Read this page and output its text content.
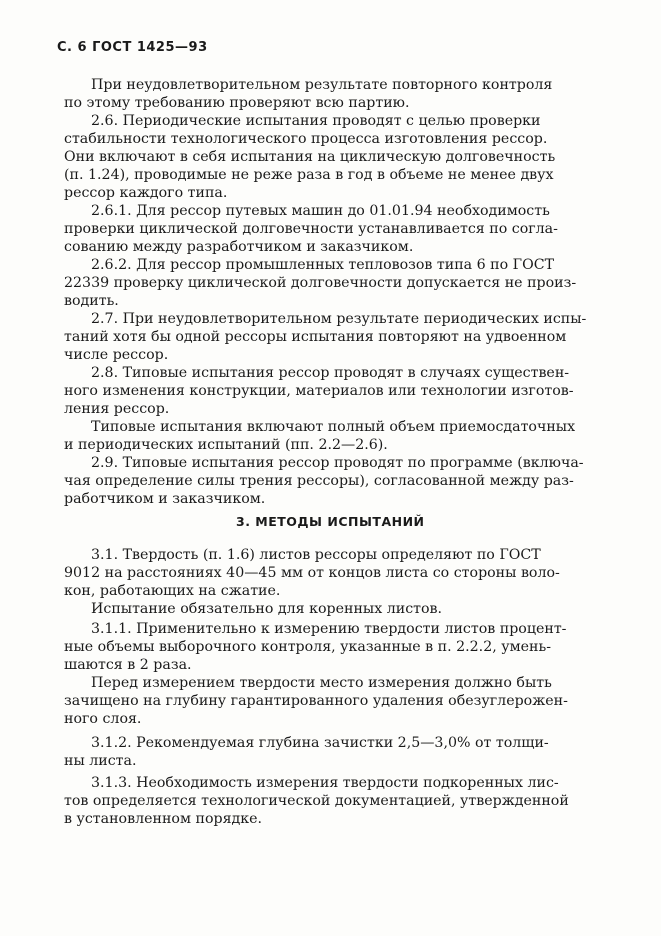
С. 6 ГОСТ 1425—93
При неудовлетворительном результате повторного контроля
по этому требованию проверяют всю партию.
2.6. Периодические испытания проводят с целью проверки
стабильности технологического процесса изготовления рессор.
Они включают в себя испытания на циклическую долговечность
(п. 1.24), проводимые не реже раза в год в объеме не менее двух
рессор каждого типа.
2.6.1. Для рессор путевых машин до 01.01.94 необходимость
проверки циклической долговечности устанавливается по согла-
сованию между разработчиком и заказчиком.
2.6.2. Для рессор промышленных тепловозов типа 6 по ГОСТ
22339 проверку циклической долговечности допускается не произ-
водить.
2.7. При неудовлетворительном результате периодических испы-
таний хотя бы одной рессоры испытания повторяют на удвоенном
числе рессор.
2.8. Типовые испытания рессор проводят в случаях существен-
ного изменения конструкции, материалов или технологии изготов-
ления рессор.
Типовые испытания включают полный объем приемосдаточных
и периодических испытаний (пп. 2.2—2.6).
2.9. Типовые испытания рессор проводят по программе (включа-
чая определение силы трения рессоры), согласованной между раз-
работчиком и заказчиком.
3. МЕТОДЫ ИСПЫТАНИЙ
3.1. Твердость (п. 1.6) листов рессоры определяют по ГОСТ
9012 на расстояниях 40—45 мм от концов листа со стороны воло-
кон, работающих на сжатие.
Испытание обязательно для коренных листов.
3.1.1. Применительно к измерению твердости листов процент-
ные объемы выборочного контроля, указанные в п. 2.2.2, умень-
шаются в 2 раза.
Перед измерением твердости место измерения должно быть
зачищено на глубину гарантированного удаления обезуглерожен-
ного слоя.
3.1.2. Рекомендуемая глубина зачистки 2,5—3,0% от толщи-
ны листа.
3.1.3. Необходимость измерения твердости подкоренных лис-
тов определяется технологической документацией, утвержденной
в установленном порядке.
